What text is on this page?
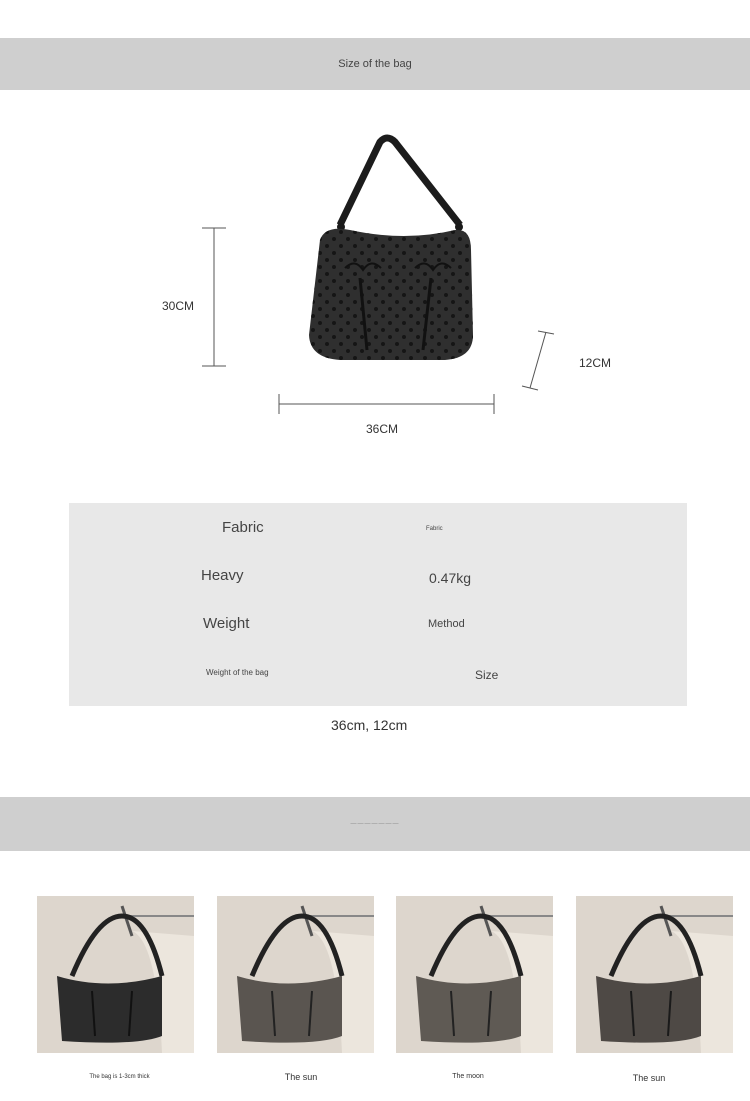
Size of the bag
30CM
36CM
12CM
Fabric	Fabric
Heavy	0.47kg
Weight	Method
Weight of the bag	Size
36cm, 12cm
———————
The bag is 1-3cm thick	The sun	The moon	The sun
